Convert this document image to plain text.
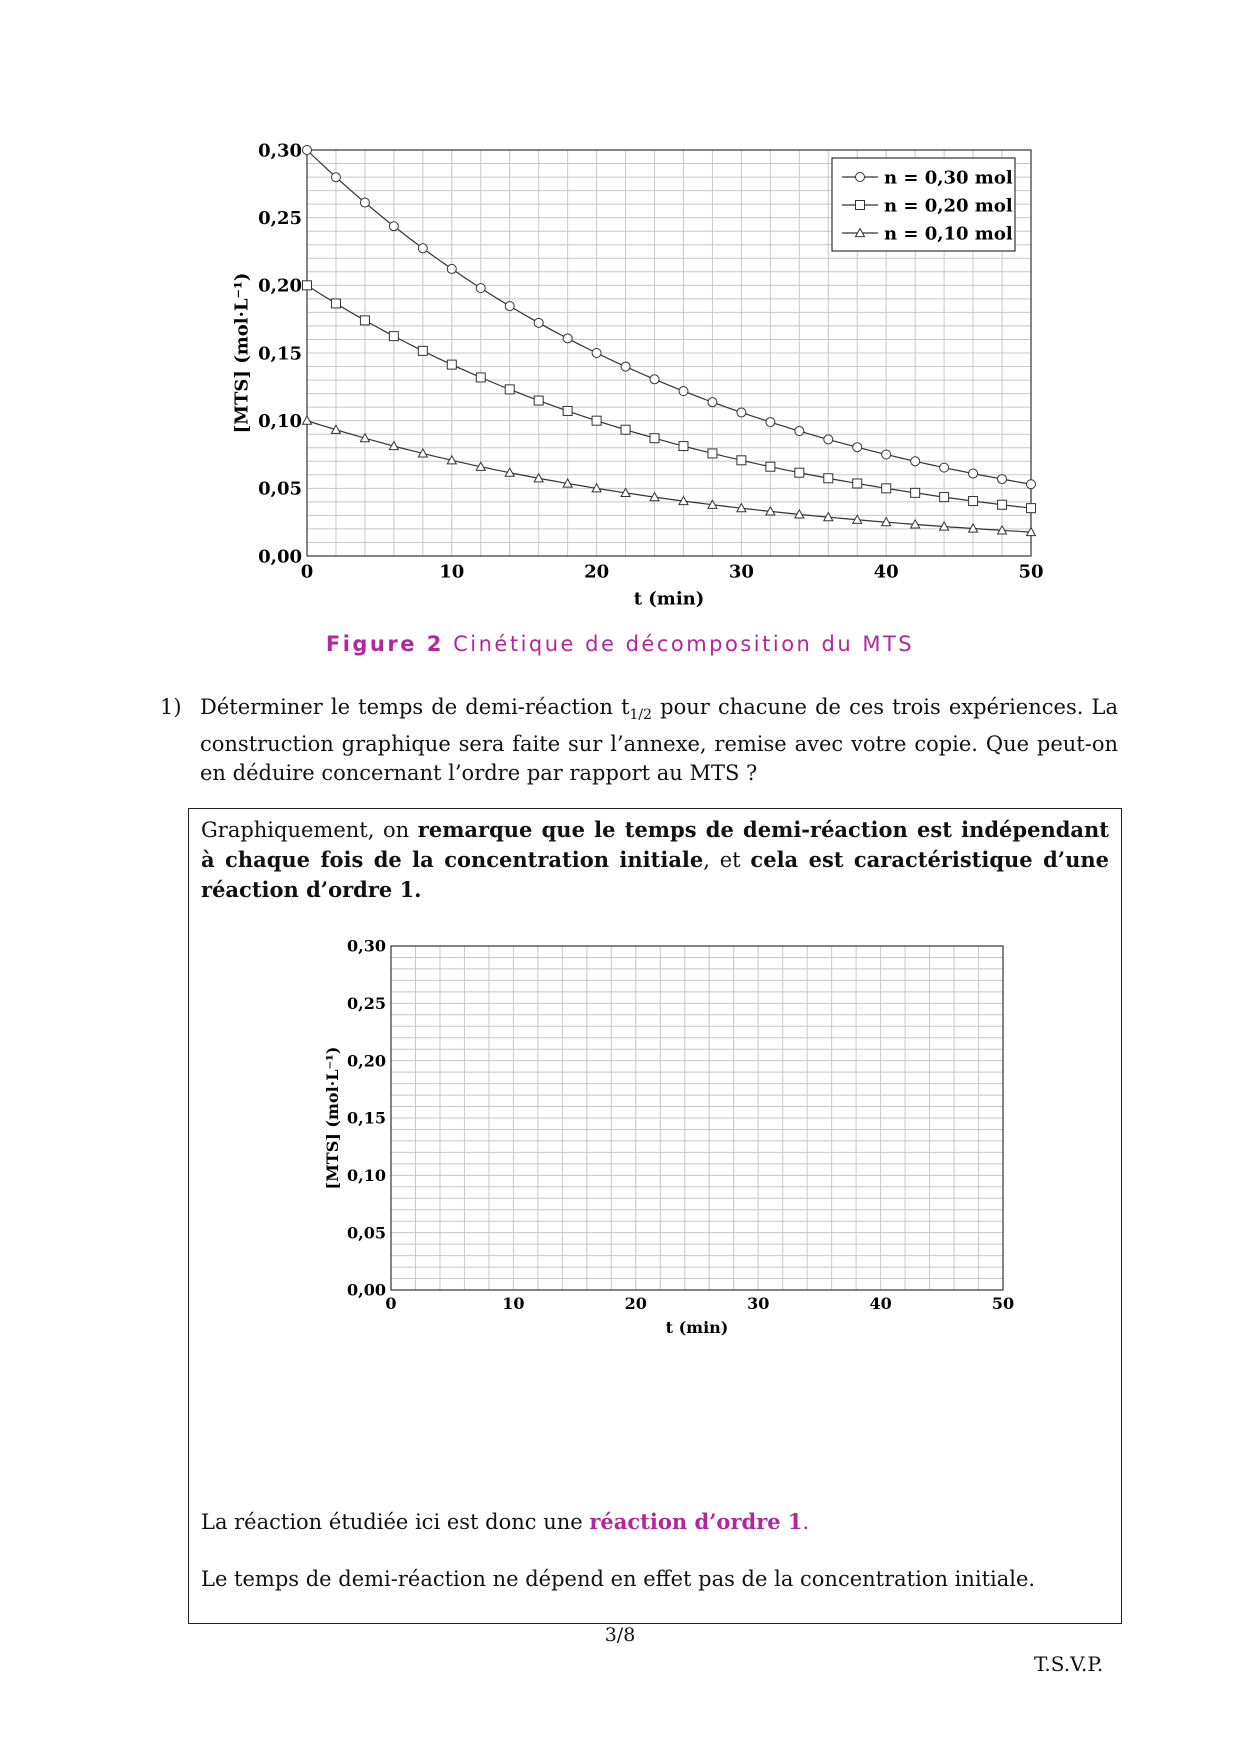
0	10	20	30	40	50
0,00
0,05
0,10
0,15
0,20
0,25
0,30
t (min)
[MTS] (mol·L⁻¹)
n = 0,30 mol
n = 0,20 mol
n = 0,10 mol
Figure 2 Cinétique de décomposition du MTS
1) Déterminer le temps de demi-réaction $t_{1/2}$ pour chacune de ces trois expériences. La construction graphique sera faite sur l’annexe, remise avec votre copie. Que peut-on en déduire concernant l’ordre par rapport au MTS ?
Graphiquement, on remarque que le temps de demi-réaction est indépendant à chaque fois de la concentration initiale, et cela est caractéristique d’une réaction d’ordre 1.
La réaction étudiée ici est donc une réaction d’ordre 1.
Le temps de demi-réaction ne dépend en effet pas de la concentration initiale.
0	10	20	30	40	50
0,00
0,05
0,10
0,15
0,20
0,25
0,30
t (min)
[MTS] (mol·L⁻¹)
3/8
T.S.V.P.
